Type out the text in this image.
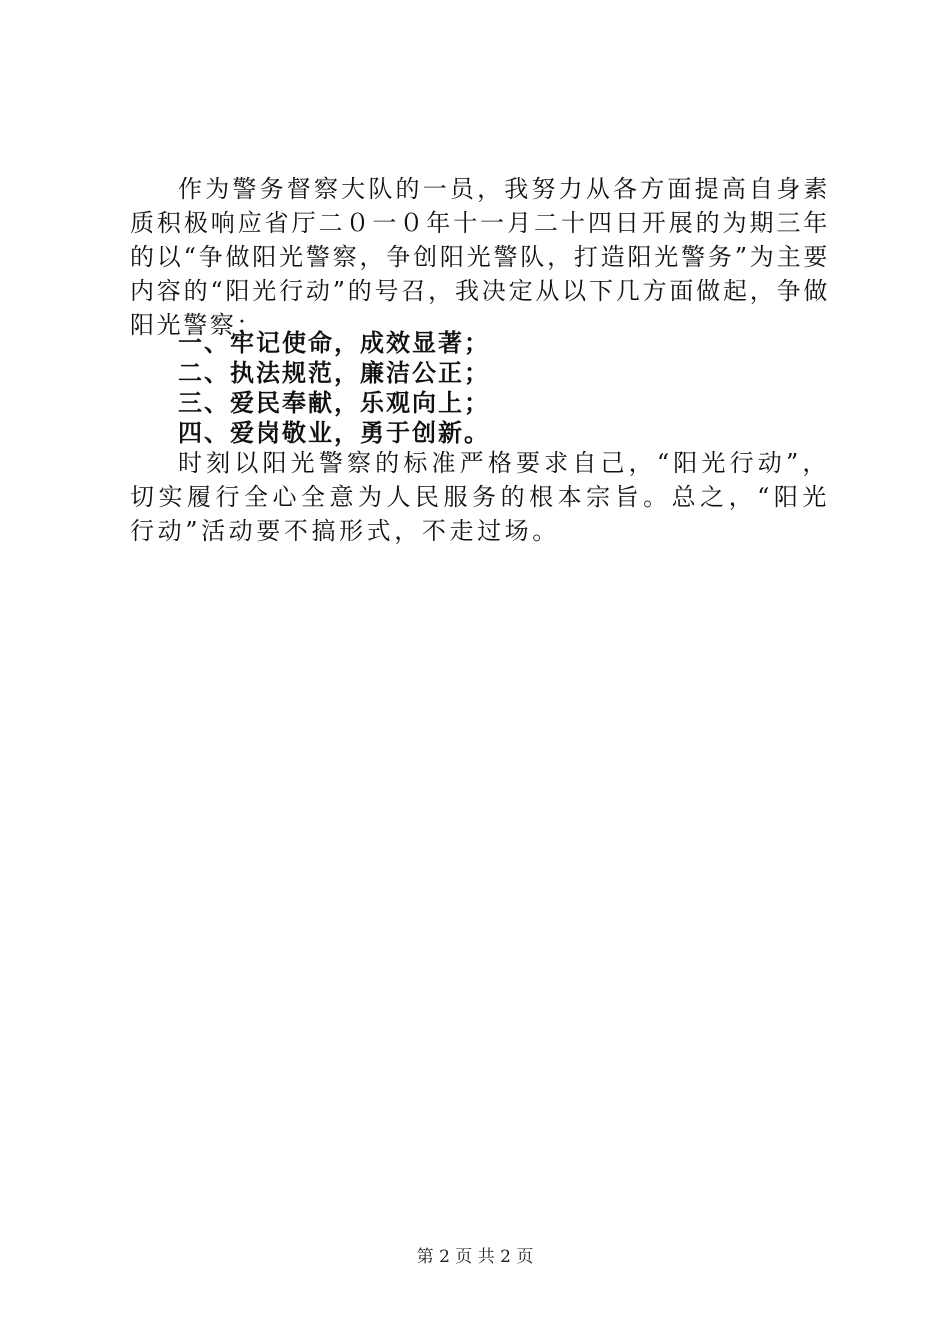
作为警务督察大队的一员，我努力从各方面提高自身素质积极响应省厅二０一０年十一月二十四日开展的为期三年的以“争做阳光警察，争创阳光警队，打造阳光警务”为主要内容的“阳光行动”的号召，我决定从以下几方面做起，争做阳光警察：

一、牢记使命，成效显著；
二、执法规范，廉洁公正；
三、爱民奉献，乐观向上；
四、爱岗敬业，勇于创新。

时刻以阳光警察的标准严格要求自己，“阳光行动”，切实履行全心全意为人民服务的根本宗旨。总之，“阳光行动”活动要不搞形式，不走过场。

第 2 页 共 2 页
